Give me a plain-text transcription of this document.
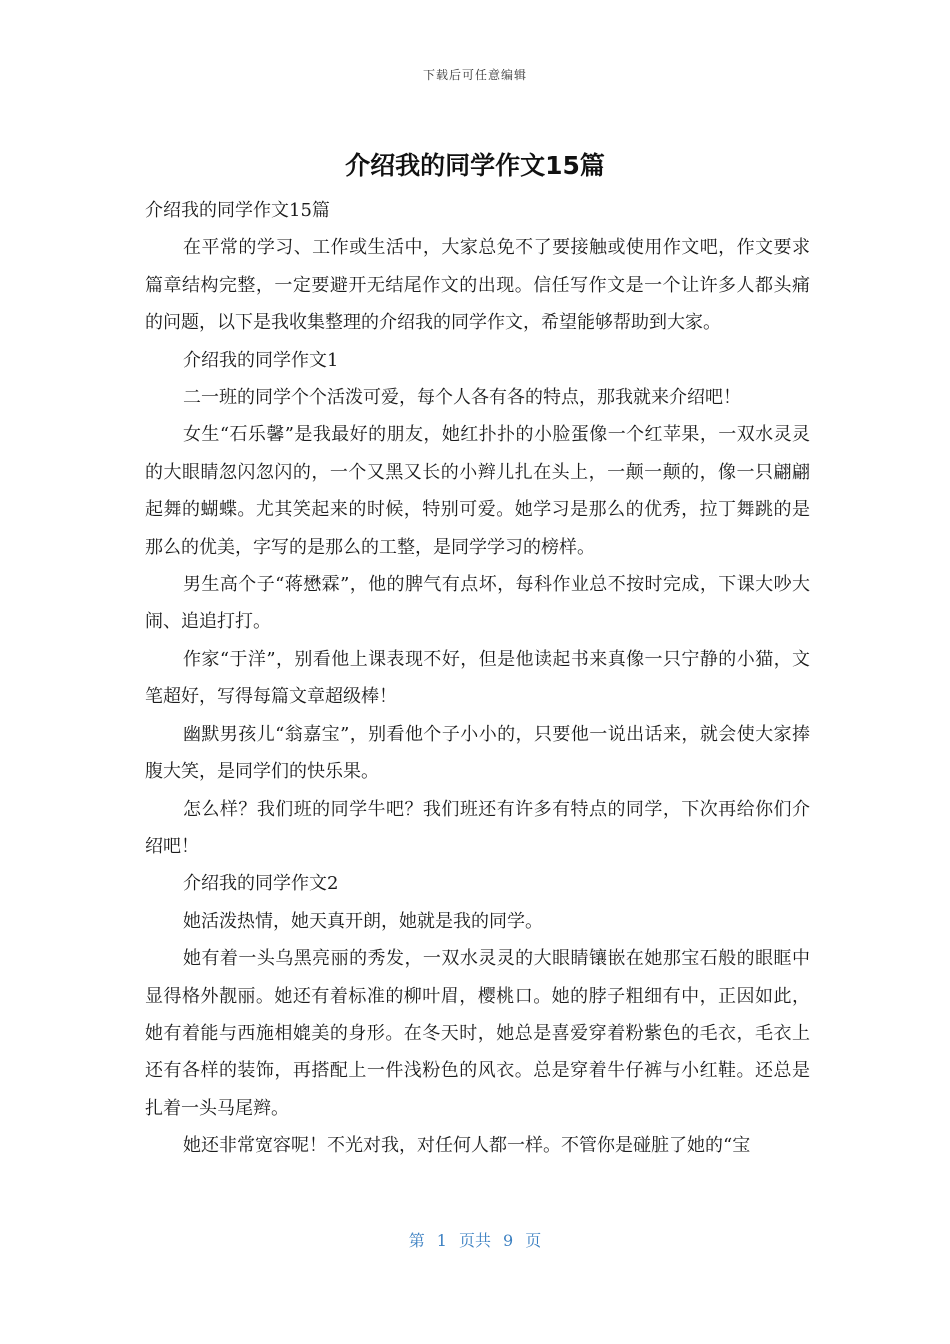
下载后可任意编辑
介绍我的同学作文15篇

介绍我的同学作文15篇

在平常的学习、工作或生活中，大家总免不了要接触或使用作文吧，作文要求篇章结构完整，一定要避开无结尾作文的出现。信任写作文是一个让许多人都头痛的问题，以下是我收集整理的介绍我的同学作文，希望能够帮助到大家。

介绍我的同学作文1

二一班的同学个个活泼可爱，每个人各有各的特点，那我就来介绍吧！

女生“石乐馨”是我最好的朋友，她红扑扑的小脸蛋像一个红苹果，一双水灵灵的大眼睛忽闪忽闪的，一个又黑又长的小辫儿扎在头上，一颠一颠的，像一只翩翩起舞的蝴蝶。尤其笑起来的时候，特别可爱。她学习是那么的优秀，拉丁舞跳的是那么的优美，字写的是那么的工整，是同学学习的榜样。

男生高个子“蒋懋霖”，他的脾气有点坏，每科作业总不按时完成，下课大吵大闹、追追打打。

作家“于洋”，别看他上课表现不好，但是他读起书来真像一只宁静的小猫，文笔超好，写得每篇文章超级棒！

幽默男孩儿“翁嘉宝”，别看他个子小小的，只要他一说出话来，就会使大家捧腹大笑，是同学们的快乐果。

怎么样？我们班的同学牛吧？我们班还有许多有特点的同学，下次再给你们介绍吧！

介绍我的同学作文2

她活泼热情，她天真开朗，她就是我的同学。

她有着一头乌黑亮丽的秀发，一双水灵灵的大眼睛镶嵌在她那宝石般的眼眶中显得格外靓丽。她还有着标准的柳叶眉，樱桃口。她的脖子粗细有中，正因如此，她有着能与西施相媲美的身形。在冬天时，她总是喜爱穿着粉紫色的毛衣，毛衣上还有各样的装饰，再搭配上一件浅粉色的风衣。总是穿着牛仔裤与小红鞋。还总是扎着一头马尾辫。

她还非常宽容呢！不光对我，对任何人都一样。不管你是碰脏了她的“宝

第 1 页共 9 页
